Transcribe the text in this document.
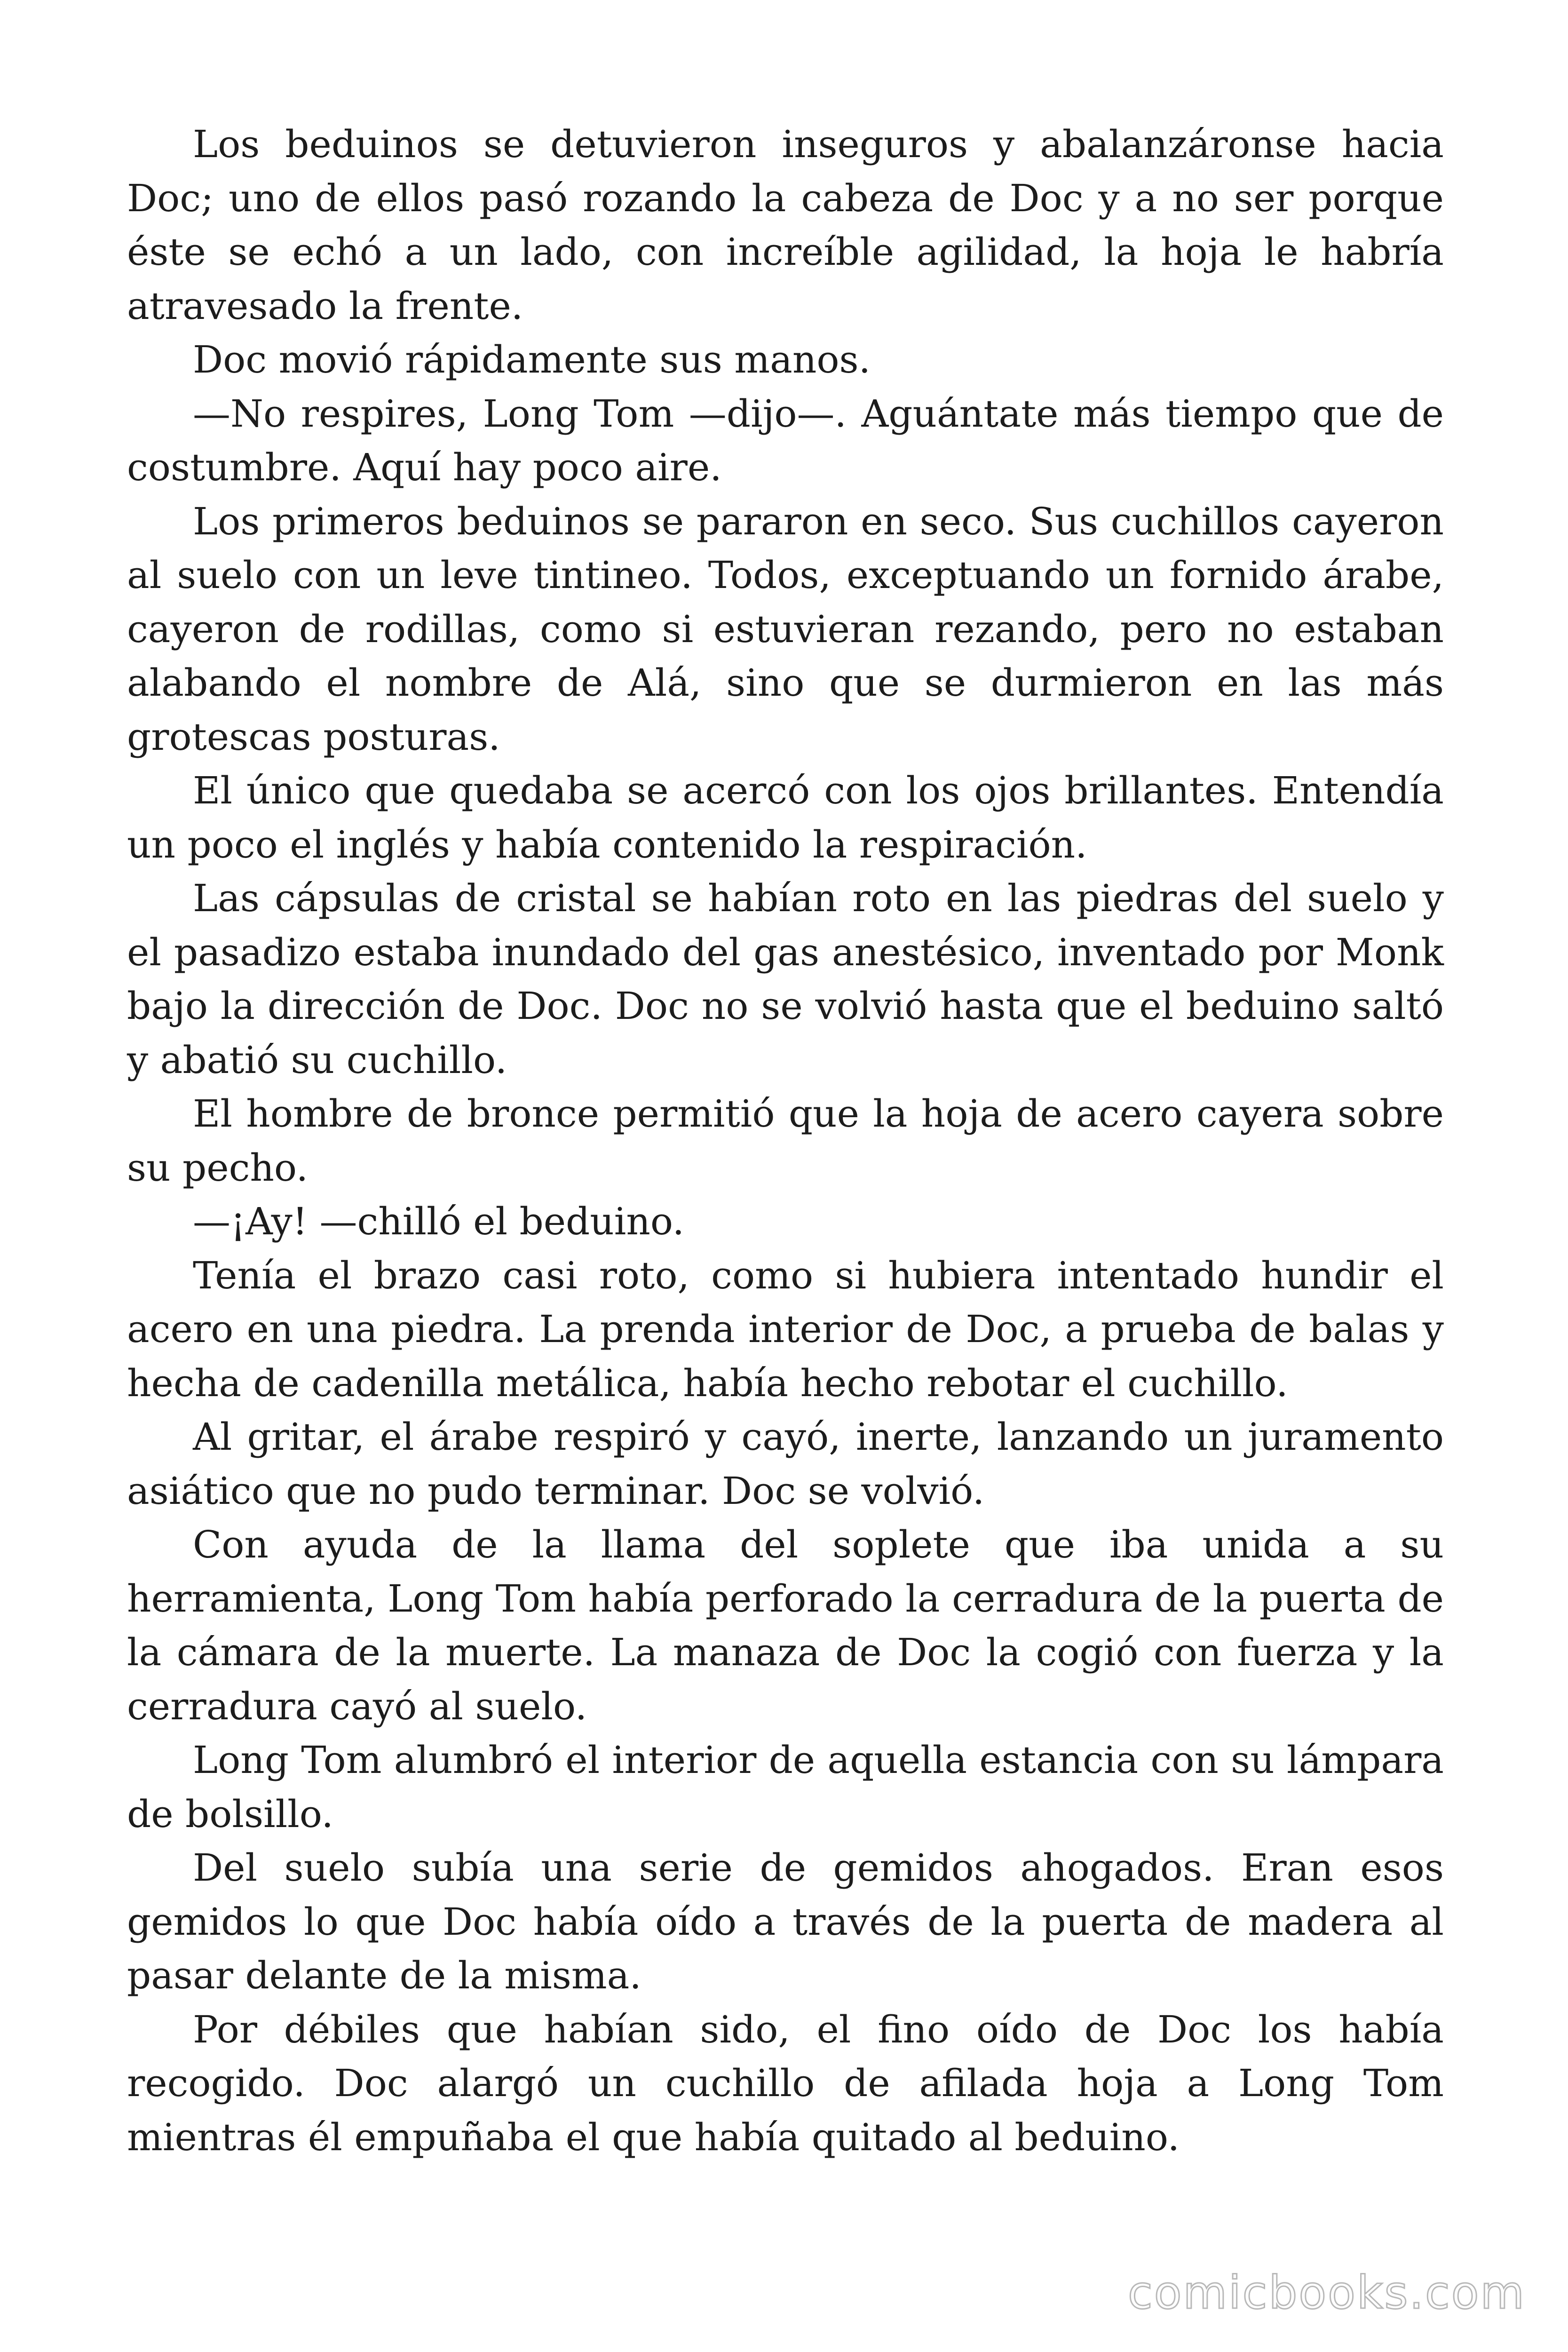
Los beduinos se detuvieron inseguros y abalanzáronse hacia Doc; uno de ellos pasó rozando la cabeza de Doc y a no ser porque éste se echó a un lado, con increíble agilidad, la hoja le habría atravesado la frente.

Doc movió rápidamente sus manos.

—No respires, Long Tom —dijo—. Aguántate más tiempo que de costumbre. Aquí hay poco aire.

Los primeros beduinos se pararon en seco. Sus cuchillos cayeron al suelo con un leve tintineo. Todos, exceptuando un fornido árabe, cayeron de rodillas, como si estuvieran rezando, pero no estaban alabando el nombre de Alá, sino que se durmieron en las más grotescas posturas.

El único que quedaba se acercó con los ojos brillantes. Entendía un poco el inglés y había contenido la respiración.

Las cápsulas de cristal se habían roto en las piedras del suelo y el pasadizo estaba inundado del gas anestésico, inventado por Monk bajo la dirección de Doc. Doc no se volvió hasta que el beduino saltó y abatió su cuchillo.

El hombre de bronce permitió que la hoja de acero cayera sobre su pecho.

—¡Ay! —chilló el beduino.

Tenía el brazo casi roto, como si hubiera intentado hundir el acero en una piedra. La prenda interior de Doc, a prueba de balas y hecha de cadenilla metálica, había hecho rebotar el cuchillo.

Al gritar, el árabe respiró y cayó, inerte, lanzando un juramento asiático que no pudo terminar. Doc se volvió.

Con ayuda de la llama del soplete que iba unida a su herramienta, Long Tom había perforado la cerradura de la puerta de la cámara de la muerte. La manaza de Doc la cogió con fuerza y la cerradura cayó al suelo.

Long Tom alumbró el interior de aquella estancia con su lámpara de bolsillo.

Del suelo subía una serie de gemidos ahogados. Eran esos gemidos lo que Doc había oído a través de la puerta de madera al pasar delante de la misma.

Por débiles que habían sido, el fino oído de Doc los había recogido. Doc alargó un cuchillo de afilada hoja a Long Tom mientras él empuñaba el que había quitado al beduino.

comicbooks.com
